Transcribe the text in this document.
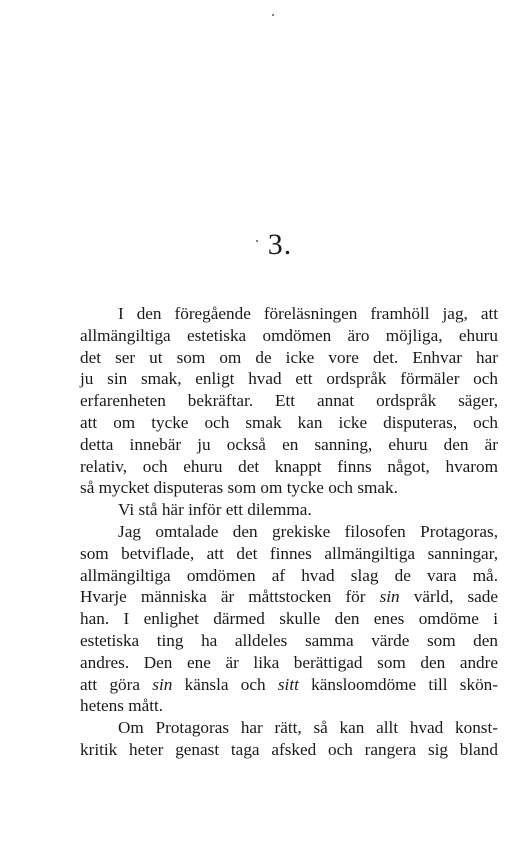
3.
I den föregående föreläsningen framhöll jag, att
allmängiltiga estetiska omdömen äro möjliga, ehuru
det ser ut som om de icke vore det. Enhvar har
ju sin smak, enligt hvad ett ordspråk förmäler och
erfarenheten bekräftar. Ett annat ordspråk säger,
att om tycke och smak kan icke disputeras, och
detta innebär ju också en sanning, ehuru den är
relativ, och ehuru det knappt finns något, hvarom
så mycket disputeras som om tycke och smak.
Vi stå här inför ett dilemma.
Jag omtalade den grekiske filosofen Protagoras,
som betviflade, att det finnes allmängiltiga sanningar,
allmängiltiga omdömen af hvad slag de vara må.
Hvarje människa är måttstocken för sin värld, sade
han. I enlighet därmed skulle den enes omdöme i
estetiska ting ha alldeles samma värde som den
andres. Den ene är lika berättigad som den andre
att göra sin känsla och sitt känsloomdöme till skön-
hetens mått.
Om Protagoras har rätt, så kan allt hvad konst-
kritik heter genast taga afsked och rangera sig bland
